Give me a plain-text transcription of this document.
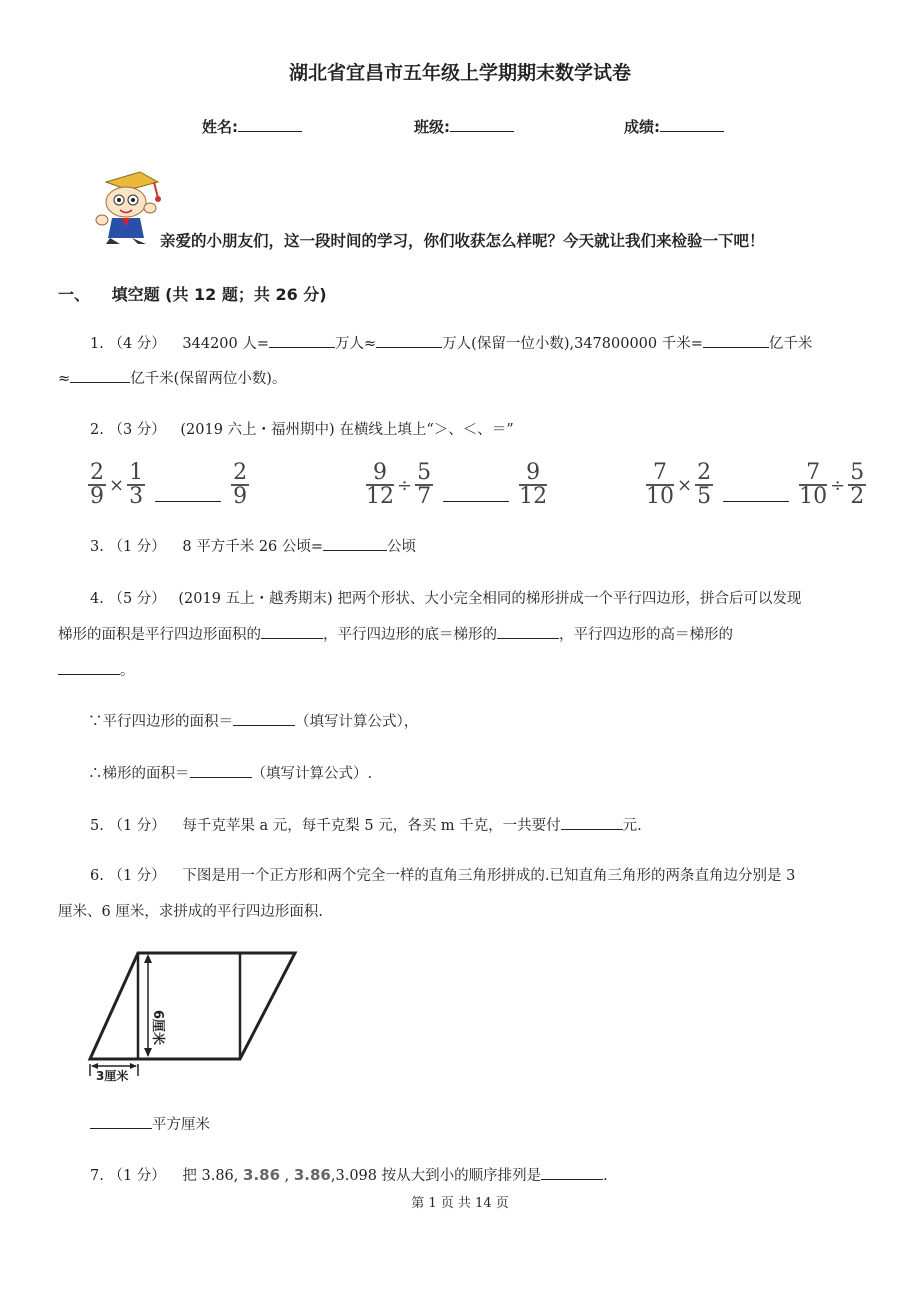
湖北省宜昌市五年级上学期期末数学试卷
姓名:	班级:	成绩:
亲爱的小朋友们，这一段时间的学习，你们收获怎么样呢？今天就让我们来检验一下吧！
一、 填空题 (共 12 题；共 26 分)
1. （4 分） 344200 人=	万人≈	万人(保留一位小数),347800000 千米=	亿千米
≈	亿千米(保留两位小数)。
2. （3 分） (2019 六上・福州期中) 在横线上填上“＞、＜、＝”
$\frac{2}{9} \times \frac{1}{3}$	$\frac{2}{9}$	$\frac{9}{12} \div \frac{5}{7}$	$\frac{9}{12}$	$\frac{7}{10} \times \frac{2}{5}$	$\frac{7}{10} \div \frac{5}{2}$
3. （1 分） 8 平方千米 26 公顷=	公顷
4. （5 分） (2019 五上・越秀期末) 把两个形状、大小完全相同的梯形拼成一个平行四边形，拼合后可以发现
梯形的面积是平行四边形面积的	，平行四边形的底＝梯形的	，平行四边形的高＝梯形的
。
∵平行四边形的面积＝	（填写计算公式），
∴梯形的面积＝	（填写计算公式）.
5. （1 分） 每千克苹果 a 元，每千克梨 5 元，各买 m 千克，一共要付	元.
6. （1 分） 下图是用一个正方形和两个完全一样的直角三角形拼成的.已知直角三角形的两条直角边分别是 3
厘米、6 厘米，求拼成的平行四边形面积.
6厘米
3厘米
平方厘米
7. （1 分） 把 3.86, 3.86 , 3.86,3.098 按从大到小的顺序排列是	.
第 1 页 共 14 页
